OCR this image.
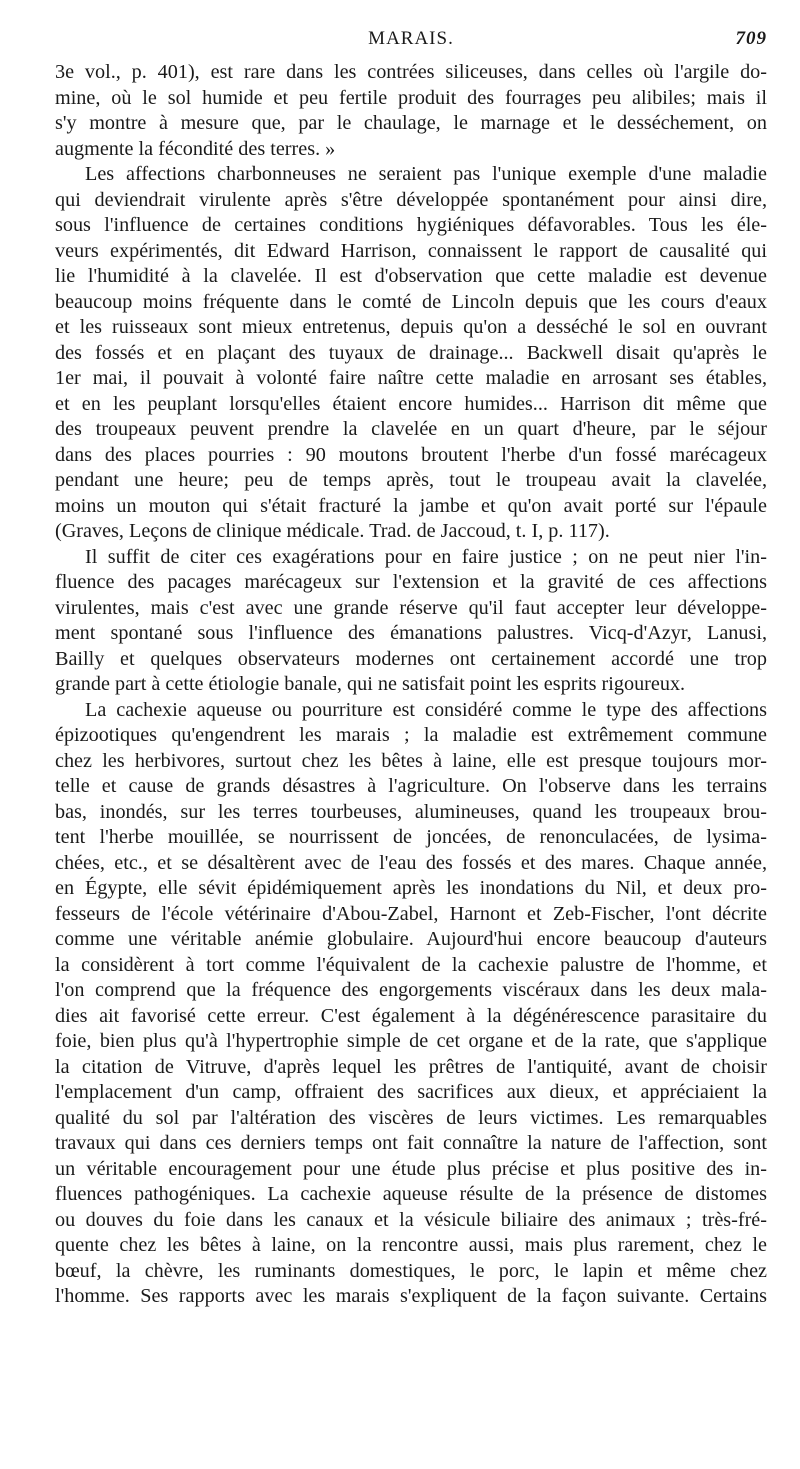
MARAIS.	709
3e vol., p. 401), est rare dans les contrées siliceuses, dans celles où l'argile do-
mine, où le sol humide et peu fertile produit des fourrages peu alibiles; mais il
s'y montre à mesure que, par le chaulage, le marnage et le desséchement, on
augmente la fécondité des terres. »
Les affections charbonneuses ne seraient pas l'unique exemple d'une maladie
qui deviendrait virulente après s'être développée spontanément pour ainsi dire,
sous l'influence de certaines conditions hygiéniques défavorables. Tous les éle-
veurs expérimentés, dit Edward Harrison, connaissent le rapport de causalité qui
lie l'humidité à la clavelée. Il est d'observation que cette maladie est devenue
beaucoup moins fréquente dans le comté de Lincoln depuis que les cours d'eaux
et les ruisseaux sont mieux entretenus, depuis qu'on a desséché le sol en ouvrant
des fossés et en plaçant des tuyaux de drainage... Backwell disait qu'après le
1er mai, il pouvait à volonté faire naître cette maladie en arrosant ses étables,
et en les peuplant lorsqu'elles étaient encore humides... Harrison dit même que
des troupeaux peuvent prendre la clavelée en un quart d'heure, par le séjour
dans des places pourries : 90 moutons broutent l'herbe d'un fossé marécageux
pendant une heure; peu de temps après, tout le troupeau avait la clavelée,
moins un mouton qui s'était fracturé la jambe et qu'on avait porté sur l'épaule
(Graves, Leçons de clinique médicale. Trad. de Jaccoud, t. I, p. 117).
Il suffit de citer ces exagérations pour en faire justice ; on ne peut nier l'in-
fluence des pacages marécageux sur l'extension et la gravité de ces affections
virulentes, mais c'est avec une grande réserve qu'il faut accepter leur développe-
ment spontané sous l'influence des émanations palustres. Vicq-d'Azyr, Lanusi,
Bailly et quelques observateurs modernes ont certainement accordé une trop
grande part à cette étiologie banale, qui ne satisfait point les esprits rigoureux.
La cachexie aqueuse ou pourriture est considéré comme le type des affections
épizootiques qu'engendrent les marais ; la maladie est extrêmement commune
chez les herbivores, surtout chez les bêtes à laine, elle est presque toujours mor-
telle et cause de grands désastres à l'agriculture. On l'observe dans les terrains
bas, inondés, sur les terres tourbeuses, alumineuses, quand les troupeaux brou-
tent l'herbe mouillée, se nourrissent de joncées, de renonculacées, de lysima-
chées, etc., et se désaltèrent avec de l'eau des fossés et des mares. Chaque année,
en Égypte, elle sévit épidémiquement après les inondations du Nil, et deux pro-
fesseurs de l'école vétérinaire d'Abou-Zabel, Harnont et Zeb-Fischer, l'ont décrite
comme une véritable anémie globulaire. Aujourd'hui encore beaucoup d'auteurs
la considèrent à tort comme l'équivalent de la cachexie palustre de l'homme, et
l'on comprend que la fréquence des engorgements viscéraux dans les deux mala-
dies ait favorisé cette erreur. C'est également à la dégénérescence parasitaire du
foie, bien plus qu'à l'hypertrophie simple de cet organe et de la rate, que s'applique
la citation de Vitruve, d'après lequel les prêtres de l'antiquité, avant de choisir
l'emplacement d'un camp, offraient des sacrifices aux dieux, et appréciaient la
qualité du sol par l'altération des viscères de leurs victimes. Les remarquables
travaux qui dans ces derniers temps ont fait connaître la nature de l'affection, sont
un véritable encouragement pour une étude plus précise et plus positive des in-
fluences pathogéniques. La cachexie aqueuse résulte de la présence de distomes
ou douves du foie dans les canaux et la vésicule biliaire des animaux ; très-fré-
quente chez les bêtes à laine, on la rencontre aussi, mais plus rarement, chez le
bœuf, la chèvre, les ruminants domestiques, le porc, le lapin et même chez
l'homme. Ses rapports avec les marais s'expliquent de la façon suivante. Certains
